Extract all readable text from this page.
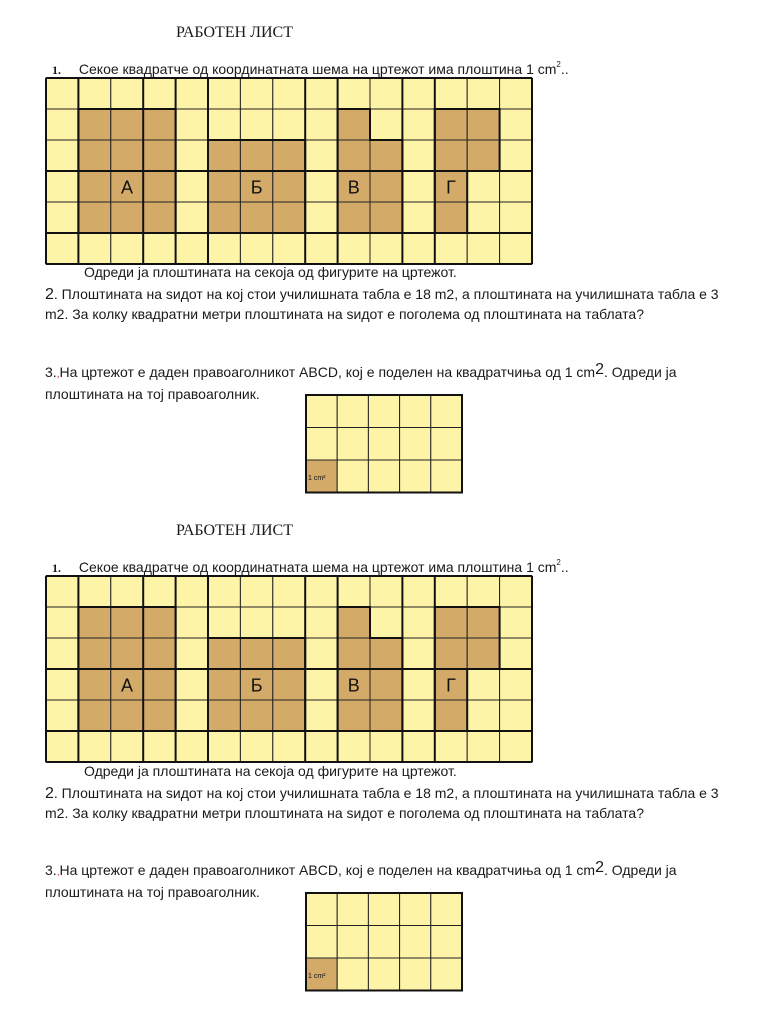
РАБОТЕН ЛИСТ
1. Секое квадратче од координатната шема на цртежот има плоштина 1 $cm^2$..
А	Б	В	Г
Одреди ја плоштината на секоја од фигурите на цртежот.
2. Плоштината на ѕидот на кој стои училишната табла е 18 m2, а плоштината на училишната табла е 3 m2. За колку квадратни метри плоштината на ѕидот е поголема од плоштината на таблата?
3.,На цртежот е даден правоаголникот ABCD, кој е поделен на квадратчиња од 1 cm2. Одреди ја плоштината на тој правоаголник.
1 cm²
РАБОТЕН ЛИСТ
1. Секое квадратче од координатната шема на цртежот има плоштина 1 $cm^2$..
А	Б	В	Г
Одреди ја плоштината на секоја од фигурите на цртежот.
2. Плоштината на ѕидот на кој стои училишната табла е 18 m2, а плоштината на училишната табла е 3 m2. За колку квадратни метри плоштината на ѕидот е поголема од плоштината на таблата?
3.,На цртежот е даден правоаголникот ABCD, кој е поделен на квадратчиња од 1 cm2. Одреди ја плоштината на тој правоаголник.
1 cm²
